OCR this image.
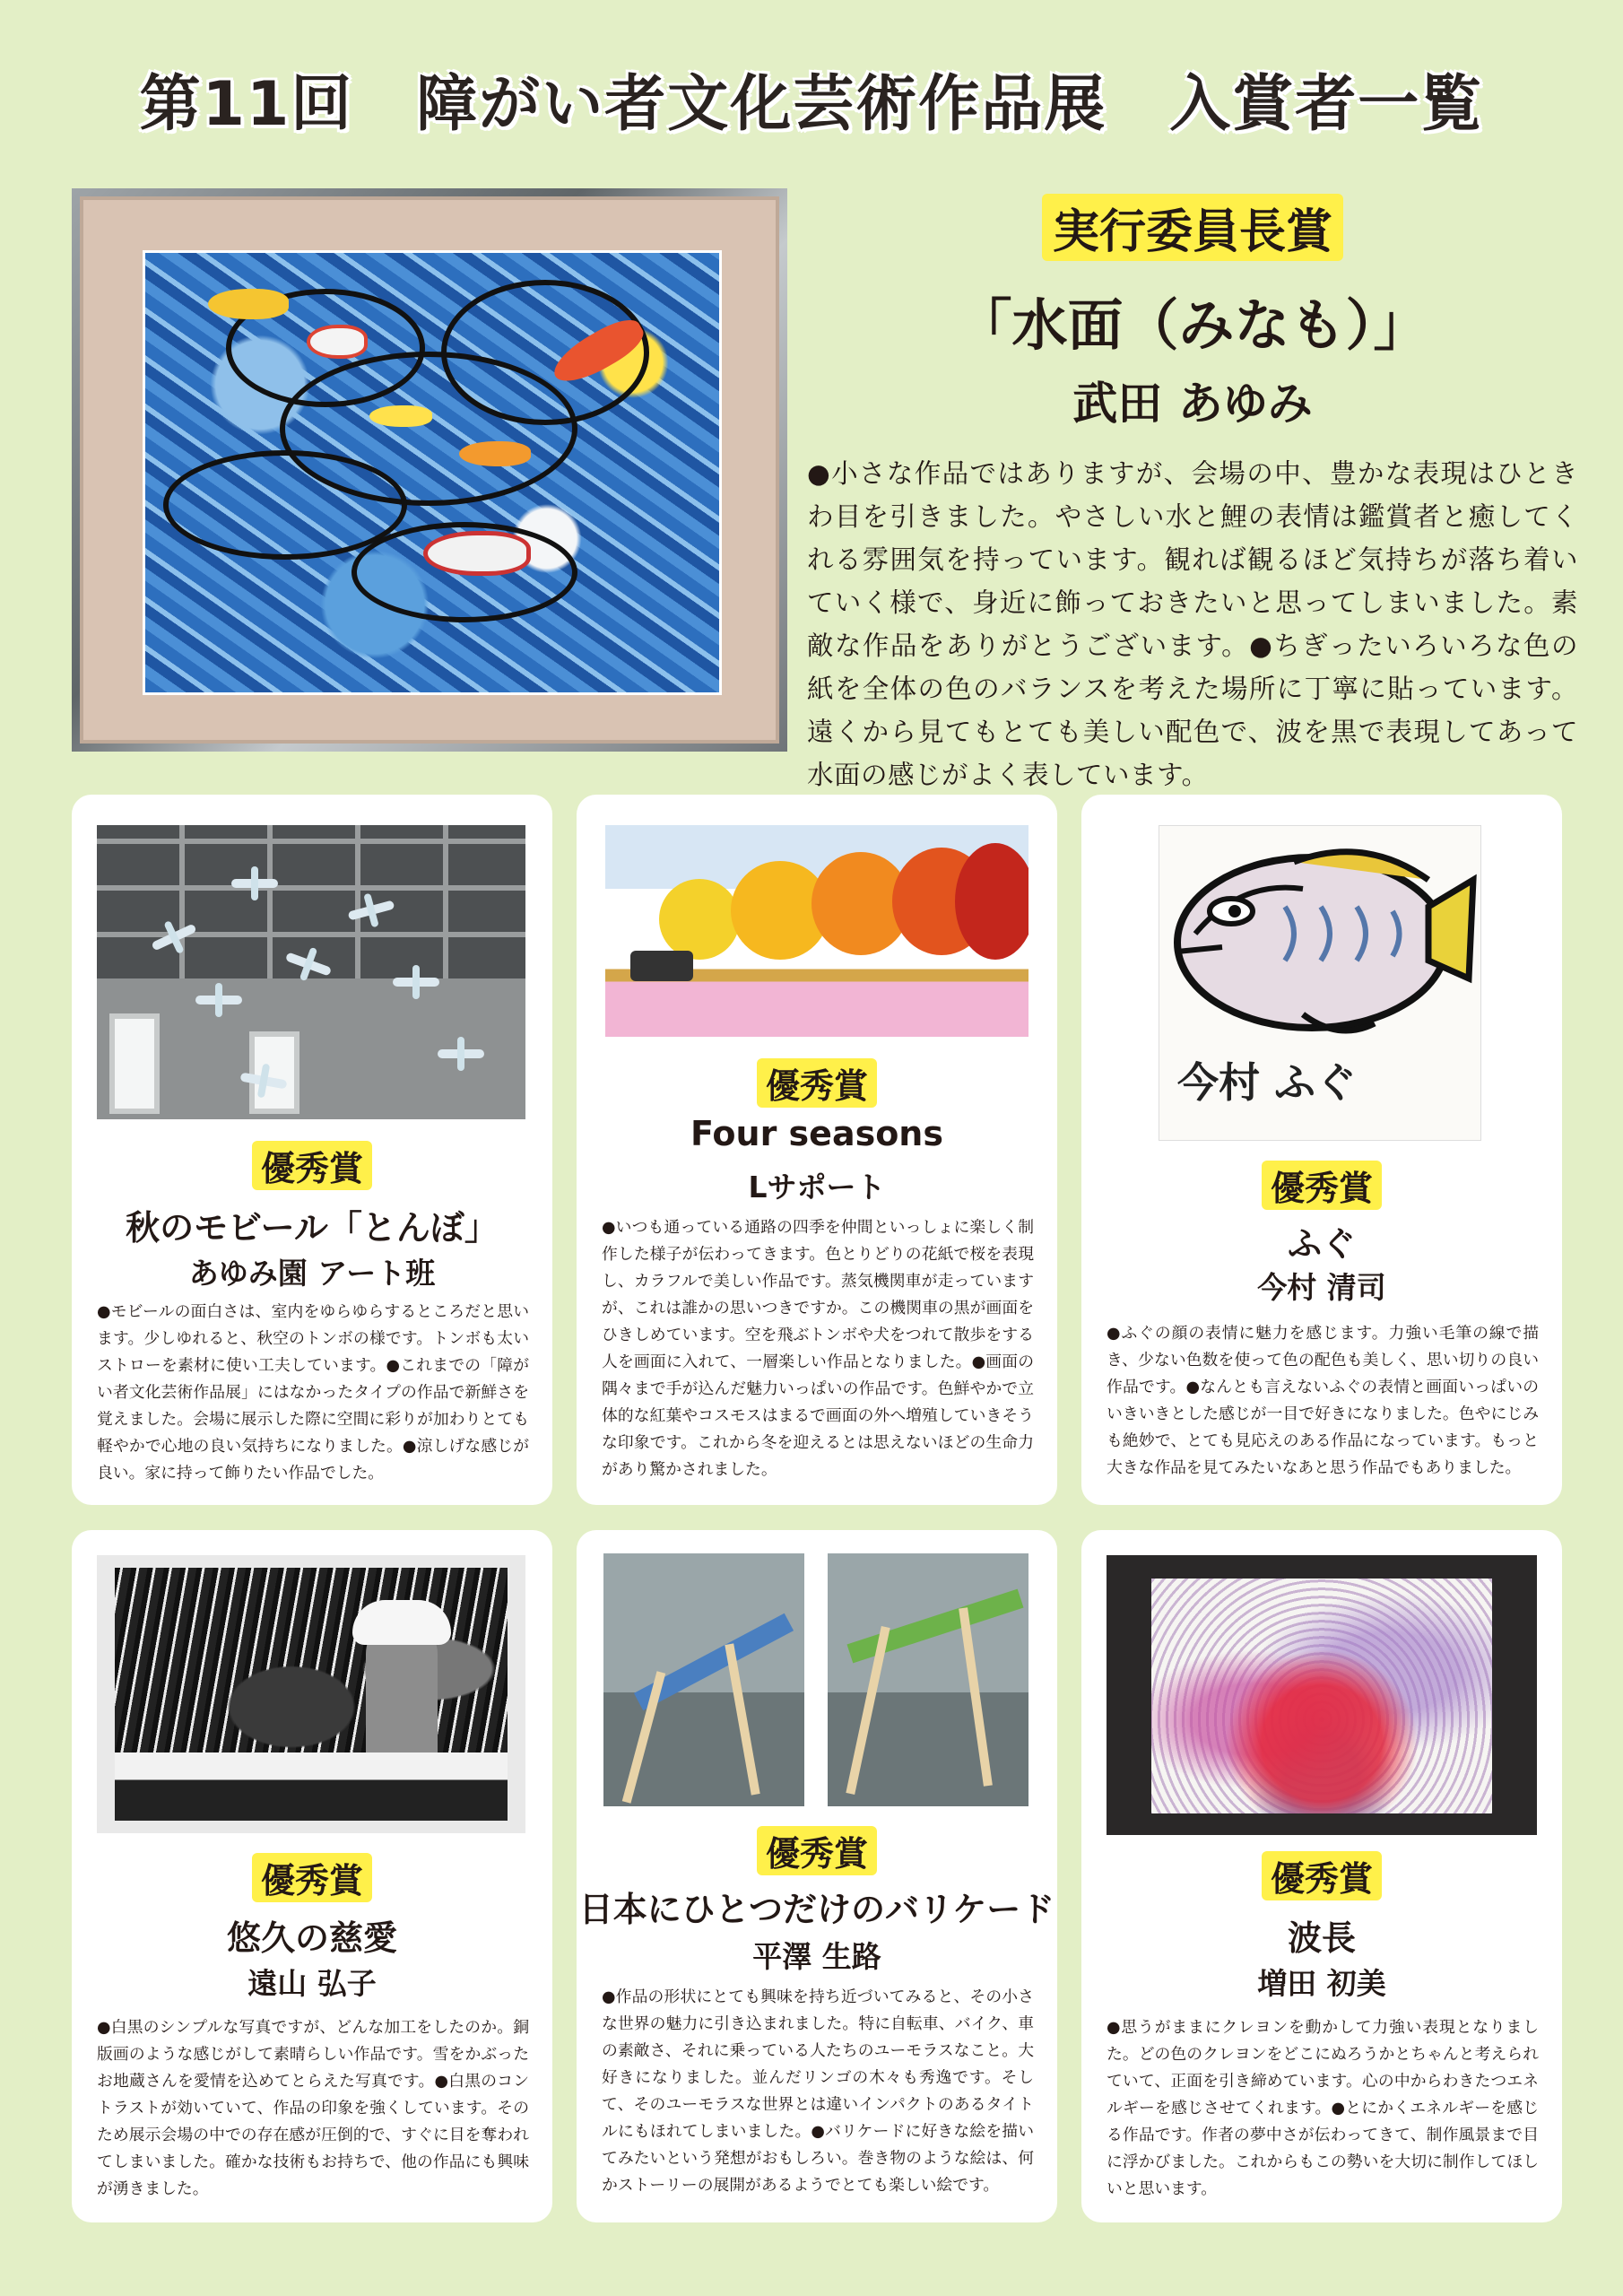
第11回　障がい者文化芸術作品展　入賞者一覧
実行委員長賞
「水面（みなも）」
武田 あゆみ
●小さな作品ではありますが、会場の中、豊かな表現はひときわ目を引きました。やさしい水と鯉の表情は鑑賞者と癒してくれる雰囲気を持っています。観れば観るほど気持ちが落ち着いていく様で、身近に飾っておきたいと思ってしまいました。素敵な作品をありがとうございます。●ちぎったいろいろな色の紙を全体の色のバランスを考えた場所に丁寧に貼っています。遠くから見てもとても美しい配色で、波を黒で表現してあって水面の感じがよく表しています。
優秀賞
秋のモビール「とんぼ」
あゆみ園 アート班
●モビールの面白さは、室内をゆらゆらするところだと思います。少しゆれると、秋空のトンボの様です。トンボも太いストローを素材に使い工夫しています。●これまでの「障がい者文化芸術作品展」にはなかったタイプの作品で新鮮さを覚えました。会場に展示した際に空間に彩りが加わりとても軽やかで心地の良い気持ちになりました。●涼しげな感じが良い。家に持って飾りたい作品でした。
優秀賞
Four seasons
Lサポート
●いつも通っている通路の四季を仲間といっしょに楽しく制作した様子が伝わってきます。色とりどりの花紙で桜を表現し、カラフルで美しい作品です。蒸気機関車が走っていますが、これは誰かの思いつきですか。この機関車の黒が画面をひきしめています。空を飛ぶトンボや犬をつれて散歩をする人を画面に入れて、一層楽しい作品となりました。●画面の隅々まで手が込んだ魅力いっぱいの作品です。色鮮やかで立体的な紅葉やコスモスはまるで画面の外へ増殖していきそうな印象です。これから冬を迎えるとは思えないほどの生命力があり驚かされました。
今村 ふぐ
優秀賞
ふぐ
今村 清司
●ふぐの顔の表情に魅力を感じます。力強い毛筆の線で描き、少ない色数を使って色の配色も美しく、思い切りの良い作品です。●なんとも言えないふぐの表情と画面いっぱいのいきいきとした感じが一目で好きになりました。色やにじみも絶妙で、とても見応えのある作品になっています。もっと大きな作品を見てみたいなあと思う作品でもありました。
優秀賞
悠久の慈愛
遠山 弘子
●白黒のシンプルな写真ですが、どんな加工をしたのか。銅版画のような感じがして素晴らしい作品です。雪をかぶったお地蔵さんを愛情を込めてとらえた写真です。●白黒のコントラストが効いていて、作品の印象を強くしています。そのため展示会場の中での存在感が圧倒的で、すぐに目を奪われてしまいました。確かな技術もお持ちで、他の作品にも興味が湧きました。
優秀賞
日本にひとつだけのバリケード
平澤 生路
●作品の形状にとても興味を持ち近づいてみると、その小さな世界の魅力に引き込まれました。特に自転車、バイク、車の素敵さ、それに乗っている人たちのユーモラスなこと。大好きになりました。並んだリンゴの木々も秀逸です。そして、そのユーモラスな世界とは違いインパクトのあるタイトルにもほれてしまいました。●バリケードに好きな絵を描いてみたいという発想がおもしろい。巻き物のような絵は、何かストーリーの展開があるようでとても楽しい絵です。
優秀賞
波長
増田 初美
●思うがままにクレヨンを動かして力強い表現となりました。どの色のクレヨンをどこにぬろうかとちゃんと考えられていて、正面を引き締めています。心の中からわきたつエネルギーを感じさせてくれます。●とにかくエネルギーを感じる作品です。作者の夢中さが伝わってきて、制作風景まで目に浮かびました。これからもこの勢いを大切に制作してほしいと思います。
